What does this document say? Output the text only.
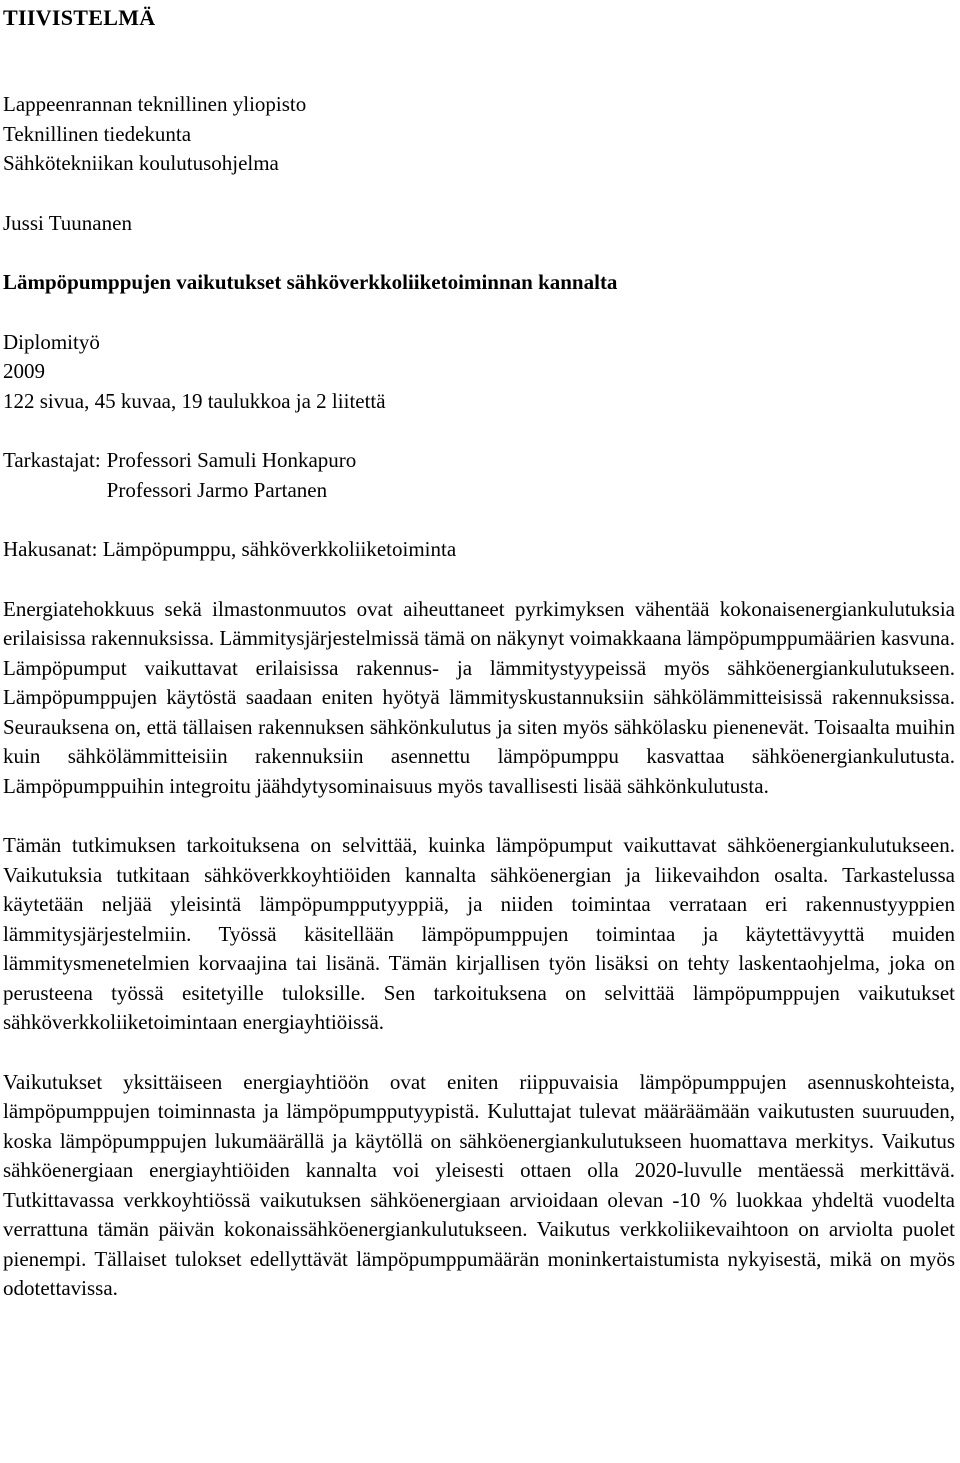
TIIVISTELMÄ
Lappeenrannan teknillinen yliopisto
Teknillinen tiedekunta
Sähkötekniikan koulutusohjelma
Jussi Tuunanen
Lämpöpumppujen vaikutukset sähköverkkoliiketoiminnan kannalta
Diplomityö
2009
122 sivua, 45 kuvaa, 19 taulukkoa ja 2 liitettä
Tarkastajat: Professori Samuli Honkapuro
Professori Jarmo Partanen
Hakusanat: Lämpöpumppu, sähköverkkoliiketoiminta

Energiatehokkuus sekä ilmastonmuutos ovat aiheuttaneet pyrkimyksen vähentää kokonaisenergiankulutuksia erilaisissa rakennuksissa. Lämmitysjärjestelmissä tämä on näkynyt voimakkaana lämpöpumppumäärien kasvuna. Lämpöpumput vaikuttavat erilaisissa rakennus- ja lämmitystyypeissä myös sähköenergiankulutukseen. Lämpöpumppujen käytöstä saadaan eniten hyötyä lämmityskustannuksiin sähkölämmitteisissä rakennuksissa. Seurauksena on, että tällaisen rakennuksen sähkönkulutus ja siten myös sähkölasku pienenevät. Toisaalta muihin kuin sähkölämmitteisiin rakennuksiin asennettu lämpöpumppu kasvattaa sähköenergiankulutusta. Lämpöpumppuihin integroitu jäähdytysominaisuus myös tavallisesti lisää sähkönkulutusta.

Tämän tutkimuksen tarkoituksena on selvittää, kuinka lämpöpumput vaikuttavat sähköenergiankulutukseen. Vaikutuksia tutkitaan sähköverkkoyhtiöiden kannalta sähköenergian ja liikevaihdon osalta. Tarkastelussa käytetään neljää yleisintä lämpöpumpputyyppiä, ja niiden toimintaa verrataan eri rakennustyyppien lämmitysjärjestelmiin. Työssä käsitellään lämpöpumppujen toimintaa ja käytettävyyttä muiden lämmitysmenetelmien korvaajina tai lisänä. Tämän kirjallisen työn lisäksi on tehty laskentaohjelma, joka on perusteena työssä esitetyille tuloksille. Sen tarkoituksena on selvittää lämpöpumppujen vaikutukset sähköverkkoliiketoimintaan energiayhtiöissä.

Vaikutukset yksittäiseen energiayhtiöön ovat eniten riippuvaisia lämpöpumppujen asennuskohteista, lämpöpumppujen toiminnasta ja lämpöpumpputyypistä. Kuluttajat tulevat määräämään vaikutusten suuruuden, koska lämpöpumppujen lukumäärällä ja käytöllä on sähköenergiankulutukseen huomattava merkitys. Vaikutus sähköenergiaan energiayhtiöiden kannalta voi yleisesti ottaen olla 2020-luvulle mentäessä merkittävä. Tutkittavassa verkkoyhtiössä vaikutuksen sähköenergiaan arvioidaan olevan -10 % luokkaa yhdeltä vuodelta verrattuna tämän päivän kokonaissähköenergiankulutukseen. Vaikutus verkkoliikevaihtoon on arviolta puolet pienempi. Tällaiset tulokset edellyttävät lämpöpumppumäärän moninkertaistumista nykyisestä, mikä on myös odotettavissa.
